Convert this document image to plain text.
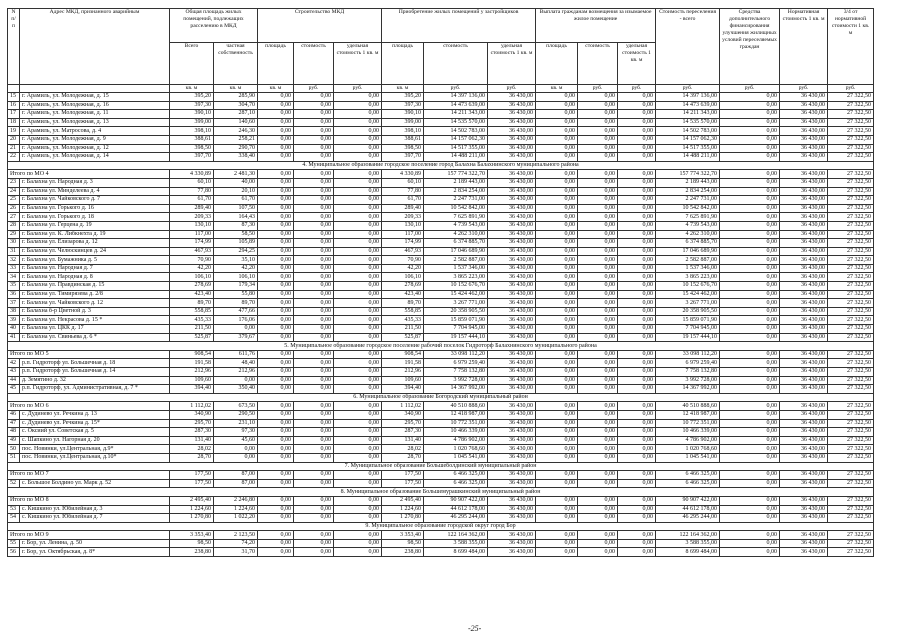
N п/п	Адрес МКД, признанного аварийным	Общая площадь жилых помещений, подлежащих расселению в МКД		Строительство МКД			Приобретение жилых помещений у застройщиков			Выплата гражданам возмещения за изымаемое жилое помещение			Стоимость переселения - всего	Средства дополнительного финансирования улучшения жилищных условий переселяемых граждан	Нормативная стоимость 1 кв. м	3/4 от нормативной стоимости 1 кв. м
		Всего	частная собственность	площадь	стоимость	удельная стоимость 1 кв. м	площадь	стоимость	удельная стоимость 1 кв. м	площадь	стоимость	удельная стоимость 1 кв. м				
		кв. м	кв. м	кв. м	руб.	руб.	кв. м	руб.	руб.	кв. м	руб.	руб.	руб.	руб.	руб.	руб.
15	г. Арамиль, ул. Молодежная, д. 15	395,20	285,90	0,00	0,00	0,00	395,20	14 397 136,00	36 430,00	0,00	0,00	0,00	14 397 136,00	0,00	36 430,00	27 322,50
16	г. Арамиль, ул. Молодежная, д. 16	397,30	304,70	0,00	0,00	0,00	397,30	14 473 639,00	36 430,00	0,00	0,00	0,00	14 473 639,00	0,00	36 430,00	27 322,50
17	г. Арамиль, ул. Молодежная, д. 11	390,10	287,10	0,00	0,00	0,00	390,10	14 211 343,00	36 430,00	0,00	0,00	0,00	14 211 343,00	0,00	36 430,00	27 322,50
18	г. Арамиль, ул. Молодежная, д. 13	399,00	140,60	0,00	0,00	0,00	399,00	14 535 570,00	36 430,00	0,00	0,00	0,00	14 535 570,00	0,00	36 430,00	27 322,50
19	г. Арамиль, ул. Матросова, д. 4	398,10	246,30	0,00	0,00	0,00	398,10	14 502 783,00	36 430,00	0,00	0,00	0,00	14 502 783,00	0,00	36 430,00	27 322,50
20	г. Арамиль, ул. Молодежная, д. 9	388,61	258,21	0,00	0,00	0,00	388,61	14 157 062,30	36 430,00	0,00	0,00	0,00	14 157 062,30	0,00	36 430,00	27 322,50
21	г. Арамиль, ул. Молодежная, д. 12	398,50	290,70	0,00	0,00	0,00	398,50	14 517 355,00	36 430,00	0,00	0,00	0,00	14 517 355,00	0,00	36 430,00	27 322,50
22	г. Арамиль, ул. Молодежная, д. 14	397,70	338,40	0,00	0,00	0,00	397,70	14 488 211,00	36 430,00	0,00	0,00	0,00	14 488 211,00	0,00	36 430,00	27 322,50
4. Муниципальное образование городское поселение город Балахна Балахнинского муниципального района																
Итого по МО 4		4 330,89	2 481,30	0,00	0,00	0,00	4 330,89	157 774 322,70	36 430,00	0,00	0,00	0,00	157 774 322,70	0,00	36 430,00	27 322,50
23	г. Балахна ул. Народная д. 3	60,10	40,00	0,00	0,00	0,00	60,10	2 189 443,00	36 430,00	0,00	0,00	0,00	2 189 443,00	0,00	36 430,00	27 322,50
24	г. Балахна ул. Минделеева д. 4	77,80	20,10	0,00	0,00	0,00	77,80	2 834 254,00	36 430,00	0,00	0,00	0,00	2 834 254,00	0,00	36 430,00	27 322,50
25	г. Балахна ул. Чайковского д. 7	61,70	61,70	0,00	0,00	0,00	61,70	2 247 731,00	36 430,00	0,00	0,00	0,00	2 247 731,00	0,00	36 430,00	27 322,50
26	г. Балахна ул. Горького д. 16	289,40	107,50	0,00	0,00	0,00	289,40	10 542 842,00	36 430,00	0,00	0,00	0,00	10 542 842,00	0,00	36 430,00	27 322,50
27	г. Балахна ул. Горького д. 18	209,33	164,43	0,00	0,00	0,00	209,33	7 625 891,90	36 430,00	0,00	0,00	0,00	7 625 891,90	0,00	36 430,00	27 322,50
28	г. Балахна ул. Герцена д. 19	130,10	87,30	0,00	0,00	0,00	130,10	4 739 543,00	36 430,00	0,00	0,00	0,00	4 739 543,00	0,00	36 430,00	27 322,50
29	г. Балахна ул. К. Либкнехта д. 19	117,00	58,50	0,00	0,00	0,00	117,00	4 262 310,00	36 430,00	0,00	0,00	0,00	4 262 310,00	0,00	36 430,00	27 322,50
30	г. Балахна ул. Елизарова д. 12	174,99	105,89	0,00	0,00	0,00	174,99	6 374 885,70	36 430,00	0,00	0,00	0,00	6 374 885,70	0,00	36 430,00	27 322,50
31	г. Балахна ул. Челюскинцев д. 24	467,93	294,25	0,00	0,00	0,00	467,93	17 046 689,90	36 430,00	0,00	0,00	0,00	17 046 689,90	0,00	36 430,00	27 322,50
32	г. Балахна ул. Бумажника д. 5	70,90	35,10	0,00	0,00	0,00	70,90	2 582 887,00	36 430,00	0,00	0,00	0,00	2 582 887,00	0,00	36 430,00	27 322,50
33	г. Балахна ул. Народная д. 7	42,20	42,20	0,00	0,00	0,00	42,20	1 537 346,00	36 430,00	0,00	0,00	0,00	1 537 346,00	0,00	36 430,00	27 322,50
34	г. Балахна ул. Народная д. 8	106,10	106,10	0,00	0,00	0,00	106,10	3 865 223,00	36 430,00	0,00	0,00	0,00	3 865 223,00	0,00	36 430,00	27 322,50
35	г. Балахна ул. Правдинская д. 15	278,69	179,34	0,00	0,00	0,00	278,69	10 152 676,70	36 430,00	0,00	0,00	0,00	10 152 676,70	0,00	36 430,00	27 322,50
36	г. Балахна ул. Тимирязева д. 2/8	423,40	55,80	0,00	0,00	0,00	423,40	15 424 462,00	36 430,00	0,00	0,00	0,00	15 424 462,00	0,00	36 430,00	27 322,50
37	г. Балахна ул. Чайковского д. 12	89,70	89,70	0,00	0,00	0,00	89,70	3 267 771,00	36 430,00	0,00	0,00	0,00	3 267 771,00	0,00	36 430,00	27 322,50
38	г. Балахна б-р Цветной д. 3	558,85	477,66	0,00	0,00	0,00	558,85	20 358 905,50	36 430,00	0,00	0,00	0,00	20 358 905,50	0,00	36 430,00	27 322,50
39	г. Балахна ул. Некрасова д. 15 *	435,33	176,06	0,00	0,00	0,00	435,33	15 859 071,90	36 430,00	0,00	0,00	0,00	15 859 071,90	0,00	36 430,00	27 322,50
40	г. Балахна ул. ЦКК д. 17	211,50	0,00	0,00	0,00	0,00	211,50	7 704 945,00	36 430,00	0,00	0,00	0,00	7 704 945,00	0,00	36 430,00	27 322,50
41	г. Балахна ул. Свиньева д. 6 *	525,87	379,67	0,00	0,00	0,00	525,87	19 157 444,10	36 430,00	0,00	0,00	0,00	19 157 444,10	0,00	36 430,00	27 322,50
5. Муниципальное образование городское поселение рабочий поселок Гидроторф Балахнинского муниципального района																
Итого по МО 5		908,54	611,76	0,00	0,00	0,00	908,54	33 098 112,20	36 430,00	0,00	0,00	0,00	33 098 112,20	0,00	36 430,00	27 322,50
42	р.п. Гидроторф ул. Большечная д. 18	191,58	48,40	0,00	0,00	0,00	191,58	6 979 259,40	36 430,00	0,00	0,00	0,00	6 979 259,40	0,00	36 430,00	27 322,50
43	р.п. Гидроторф ул. Большечная д. 14	212,96	212,96	0,00	0,00	0,00	212,96	7 758 132,80	36 430,00	0,00	0,00	0,00	7 758 132,80	0,00	36 430,00	27 322,50
44	д. Земятино д. 32	109,60	0,00	0,00	0,00	0,00	109,60	3 992 728,00	36 430,00	0,00	0,00	0,00	3 992 728,00	0,00	36 430,00	27 322,50
45	р.п. Гидроторф, ул. Административная, д. 7 *	394,40	350,40	0,00	0,00	0,00	394,40	14 367 992,00	36 430,00	0,00	0,00	0,00	14 367 992,00	0,00	36 430,00	27 322,50
6. Муниципальное образование Богородский муниципальный район																
Итого по МО 6		1 112,02	673,50	0,00	0,00	0,00	1 112,02	40 510 888,60	36 430,00	0,00	0,00	0,00	40 510 888,60	0,00	36 430,00	27 322,50
46	с. Дудинево ул. Речкина д. 13	340,90	290,50	0,00	0,00	0,00	340,90	12 418 987,00	36 430,00	0,00	0,00	0,00	12 418 987,00	0,00	36 430,00	27 322,50
47	с. Дудинево ул. Речкина д. 15*	295,70	231,10	0,00	0,00	0,00	295,70	10 772 351,00	36 430,00	0,00	0,00	0,00	10 772 351,00	0,00	36 430,00	27 322,50
48	с. Оксиий ул. Советская д. 5	287,30	97,30	0,00	0,00	0,00	287,30	10 466 339,00	36 430,00	0,00	0,00	0,00	10 466 339,00	0,00	36 430,00	27 322,50
49	с. Шапкино ул. Нагорная д. 20	131,40	45,60	0,00	0,00	0,00	131,40	4 786 902,00	36 430,00	0,00	0,00	0,00	4 786 902,00	0,00	36 430,00	27 322,50
50	пос. Новинки, ул.Центральная, д.9*	28,02	0,00	0,00	0,00	0,00	28,02	1 020 768,60	36 430,00	0,00	0,00	0,00	1 020 768,60	0,00	36 430,00	27 322,50
51	пос. Новинки, ул.Центральная, д.10*	28,70	0,00	0,00	0,00	0,00	28,70	1 045 541,00	36 430,00	0,00	0,00	0,00	1 045 541,00	0,00	36 430,00	27 322,50
7. Муниципальное образование Большеболдинский муниципальный район																
Итого по МО 7		177,50	87,00	0,00	0,00	0,00	177,50	6 466 325,00	36 430,00	0,00	0,00	0,00	6 466 325,00	0,00	36 430,00	27 322,50
52	с. Большое Болдино ул. Марк д. 52	177,50	87,00	0,00	0,00	0,00	177,50	6 466 325,00	36 430,00	0,00	0,00	0,00	6 466 325,00	0,00	36 430,00	27 322,50
8. Муниципальное образование Большемурашкинский муниципальный район																
Итого по МО 8		2 495,40	2 246,80	0,00	0,00	0,00	2 495,40	90 907 422,00	36 430,00	0,00	0,00	0,00	90 907 422,00	0,00	36 430,00	27 322,50
53	с. Кишкино ул. Юбилейная д. 3	1 224,60	1 224,60	0,00	0,00	0,00	1 224,60	44 612 178,00	36 430,00	0,00	0,00	0,00	44 612 178,00	0,00	36 430,00	27 322,50
54	с. Кишкино ул. Юбилейная д. 7	1 270,80	1 022,20	0,00	0,00	0,00	1 270,80	46 295 244,00	36 430,00	0,00	0,00	0,00	46 295 244,00	0,00	36 430,00	27 322,50
9. Муниципальное образование городской округ город Бор																
Итого по МО 9		3 353,40	2 123,50	0,00	0,00	0,00	3 353,40	122 164 362,00	36 430,00	0,00	0,00	0,00	122 164 362,00	0,00	36 430,00	27 322,50
55	г. Бор, ул. Ленина, д. 50	98,50	74,20	0,00	0,00	0,00	98,50	3 588 355,00	36 430,00	0,00	0,00	0,00	3 588 355,00	0,00	36 430,00	27 322,50
56	г. Бор, ул. Октябрьская, д. 8*	238,80	31,70	0,00	0,00	0,00	238,80	8 699 484,00	36 430,00	0,00	0,00	0,00	8 699 484,00	0,00	36 430,00	27 322,50
-25-
